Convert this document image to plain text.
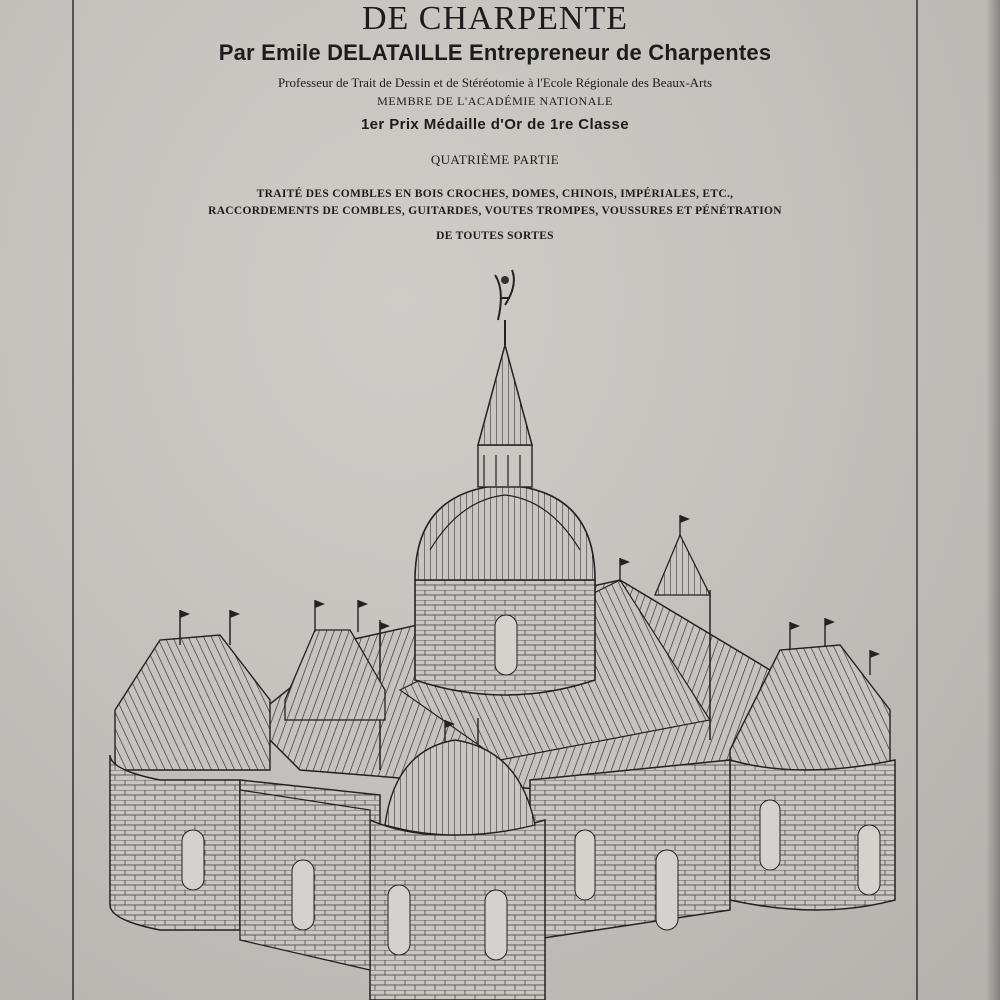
DE CHARPENTE
Par Emile DELATAILLE Entrepreneur de Charpentes
Professeur de Trait de Dessin et de Stéréotomie à l'Ecole Régionale des Beaux-Arts
MEMBRE DE L'ACADÉMIE NATIONALE
1er Prix Médaille d'Or de 1re Classe
QUATRIÈME PARTIE
TRAITÉ DES COMBLES EN BOIS CROCHES, DOMES, CHINOIS, IMPÉRIALES, ETC.,
RACCORDEMENTS DE COMBLES, GUITARDES, VOUTES TROMPES, VOUSSURES ET PÉNÉTRATION
DE TOUTES SORTES
